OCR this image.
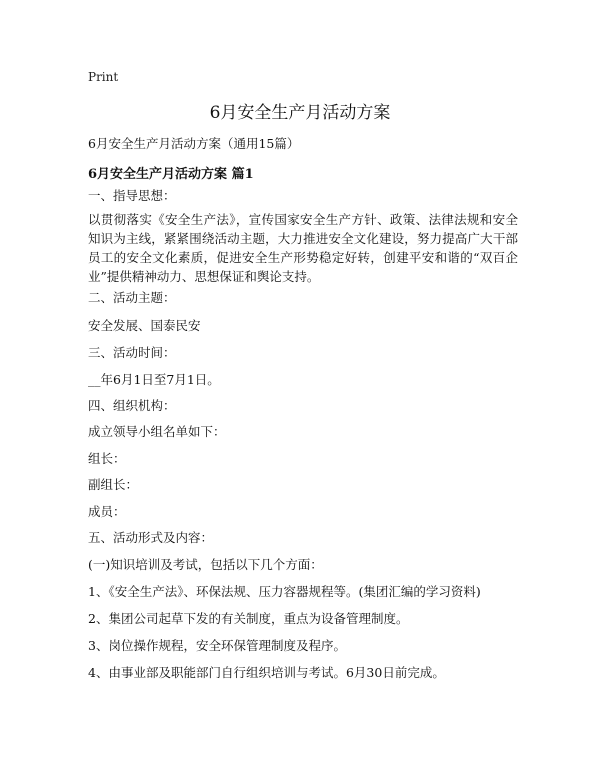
Print
6月安全生产月活动方案
6月安全生产月活动方案（通用15篇）
6月安全生产月活动方案 篇1
一、指导思想：
以贯彻落实《安全生产法》，宣传国家安全生产方针、政策、法律法规和安全知识为主线，紧紧围绕活动主题，大力推进安全文化建设，努力提高广大干部员工的安全文化素质，促进安全生产形势稳定好转，创建平安和谐的“双百企业”提供精神动力、思想保证和舆论支持。
二、活动主题：
安全发展、国泰民安
三、活动时间：
__年6月1日至7月1日。
四、组织机构：
成立领导小组名单如下：
组长：
副组长：
成员：
五、活动形式及内容：
(一)知识培训及考试，包括以下几个方面：
1、《安全生产法》、环保法规、压力容器规程等。(集团汇编的学习资料)
2、集团公司起草下发的有关制度，重点为设备管理制度。
3、岗位操作规程，安全环保管理制度及程序。
4、由事业部及职能部门自行组织培训与考试。6月30日前完成。
